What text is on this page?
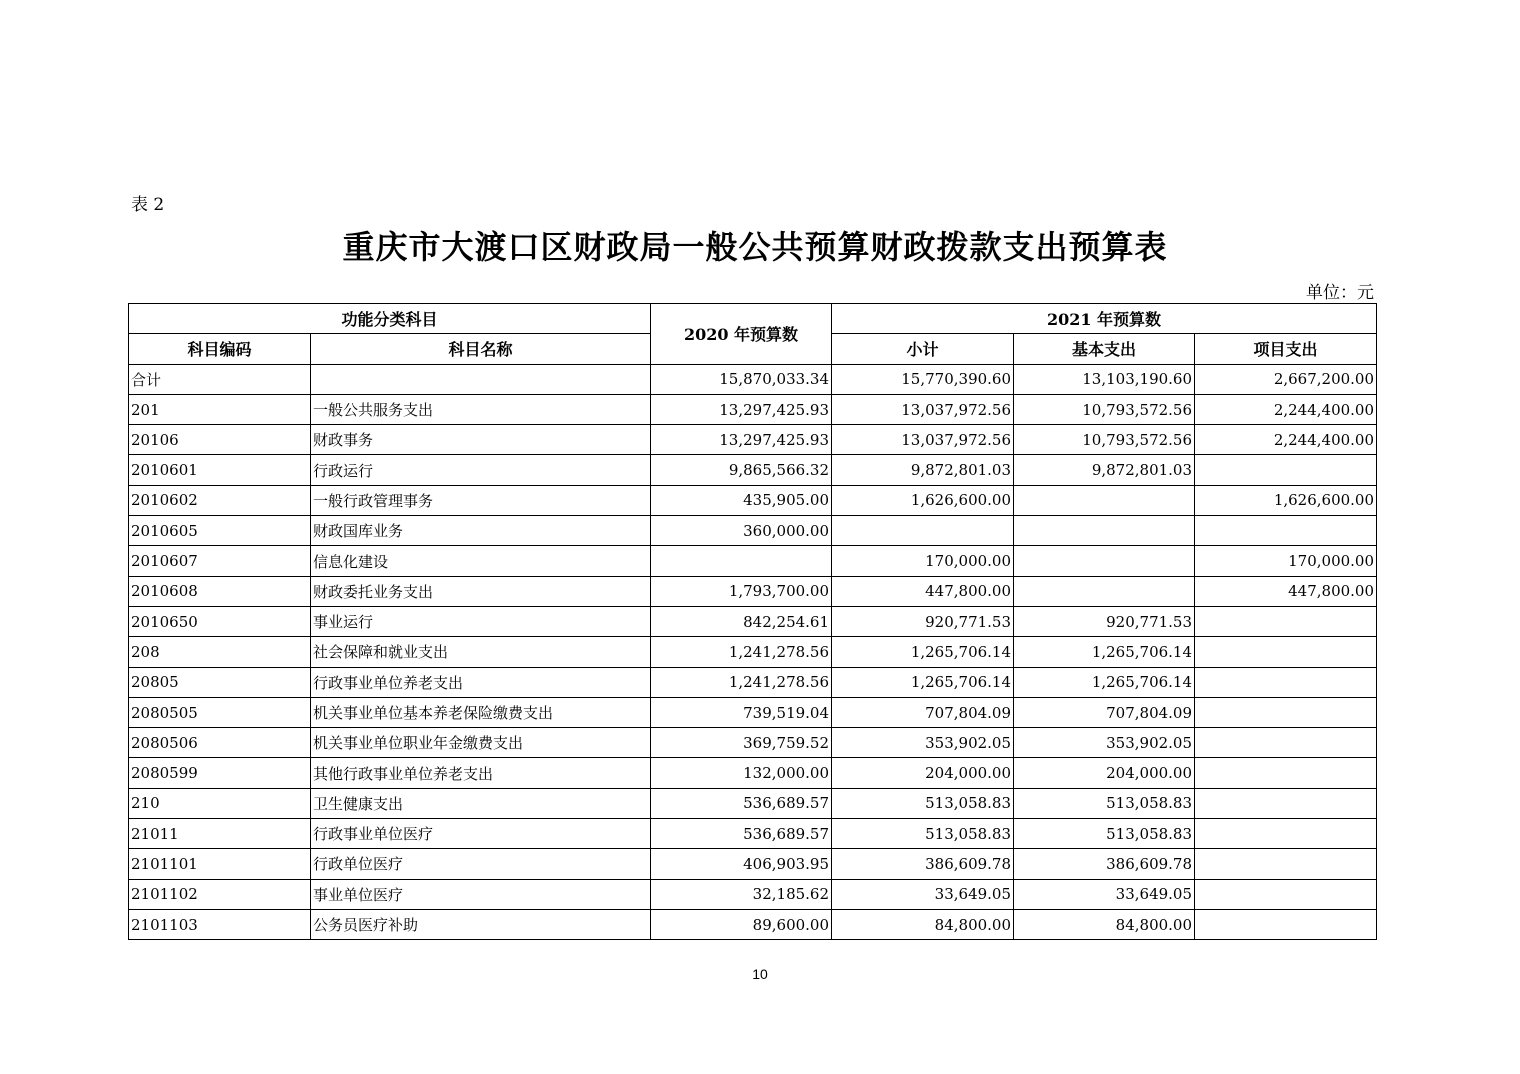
表 2
重庆市大渡口区财政局一般公共预算财政拨款支出预算表
单位：元
功能分类科目		2020 年预算数	2021 年预算数		
科目编码	科目名称		小计	基本支出	项目支出
合计		15,870,033.34	15,770,390.60	13,103,190.60	2,667,200.00
201	一般公共服务支出	13,297,425.93	13,037,972.56	10,793,572.56	2,244,400.00
20106	财政事务	13,297,425.93	13,037,972.56	10,793,572.56	2,244,400.00
2010601	行政运行	9,865,566.32	9,872,801.03	9,872,801.03	
2010602	一般行政管理事务	435,905.00	1,626,600.00		1,626,600.00
2010605	财政国库业务	360,000.00			
2010607	信息化建设		170,000.00		170,000.00
2010608	财政委托业务支出	1,793,700.00	447,800.00		447,800.00
2010650	事业运行	842,254.61	920,771.53	920,771.53	
208	社会保障和就业支出	1,241,278.56	1,265,706.14	1,265,706.14	
20805	行政事业单位养老支出	1,241,278.56	1,265,706.14	1,265,706.14	
2080505	机关事业单位基本养老保险缴费支出	739,519.04	707,804.09	707,804.09	
2080506	机关事业单位职业年金缴费支出	369,759.52	353,902.05	353,902.05	
2080599	其他行政事业单位养老支出	132,000.00	204,000.00	204,000.00	
210	卫生健康支出	536,689.57	513,058.83	513,058.83	
21011	行政事业单位医疗	536,689.57	513,058.83	513,058.83	
2101101	行政单位医疗	406,903.95	386,609.78	386,609.78	
2101102	事业单位医疗	32,185.62	33,649.05	33,649.05	
2101103	公务员医疗补助	89,600.00	84,800.00	84,800.00	
10
